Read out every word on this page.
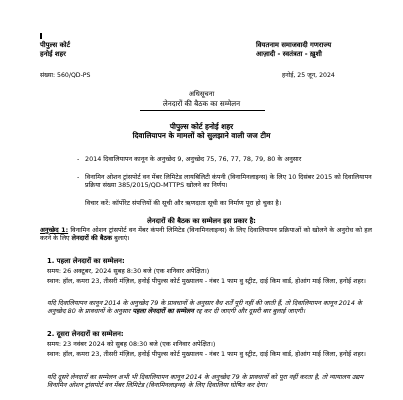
पीपुल्स कोर्ट
हनोई शहर
वियतनाम समाजवादी गणराज्य
आज़ादी - स्वतंत्रता - ख़ुशी
संख्या: 560/QD-PS	हनोई, 25 जून, 2024
अधिसूचना
लेनदारों की बैठक का सम्मेलन
पीपुल्स कोर्ट हनोई शहर
दिवालियापन के मामलों को सुलझाने वाली जज टीम
- 2014 दिवालियापन कानून के अनुच्छेद 9, अनुच्छेद 75, 76, 77, 78, 79, 80 के अनुसार
- विनामिन ओशन ट्रांसपोर्ट वन मेंबर लिमिटेड लायबिलिटी कंपनी (विनामिनलाइन्स) के लिए 10 दिसंबर 2015 को दिवालियापन प्रक्रिया संख्या 385/2015/QD-MTTPS खोलने का निर्णय।
विचार करें: कॉर्पोरेट संपत्तियों की सूची और ऋणदाता सूची का निर्माण पूरा हो चुका है।
लेनदारों की बैठक का सम्मेलन इस प्रकार है:
अनुच्छेद 1: विनामिन ओशन ट्रांसपोर्ट वन मेंबर कंपनी लिमिटेड (विनामिनलाइन्स) के लिए दिवालियापन प्रक्रियाओं को खोलने के अनुरोध को हल करने के लिए लेनदारों की बैठक बुलाएं।
1. पहला लेनदारों का सम्मेलन:
समय: 26 अक्टूबर, 2024 सुबह 8:30 बजे (एक शनिवार अपेक्षित।)
स्थान: हॉल, कमरा 23, तीसरी मंज़िल, हनोई पीपुल्स कोर्ट मुख्यालय - नंबर 1 फाम वु स्ट्रीट, दाई किम वार्ड, होआंग माई जिला, हनोई शहर।
यदि दिवालियापन कानून 2014 के अनुच्छेद 79 के प्रावधानों के अनुसार वैध शर्तें पूरी नहीं की जाती हैं, तो दिवालियापन कानून 2014 के अनुच्छेद 80 के प्रावधानों के अनुसार पहला लेनदारों का सम्मेलन रद्द कर दी जाएगी और दूसरी बार बुलाई जाएगी।
2. दूसरा लेनदारों का सम्मेलन:
समय: 23 नवंबर 2024 को सुबह 08:30 बजे (एक शनिवार अपेक्षित।)
स्थान: हॉल, कमरा 23, तीसरी मंज़िल, हनोई पीपुल्स कोर्ट मुख्यालय - नंबर 1 फाम वु स्ट्रीट, दाई किम वार्ड, होआंग माई जिला, हनोई शहर।
यदि दूसरे लेनदारों का सम्मेलन अभी भी दिवालियापन कानून 2014 के अनुच्छेद 79 के प्रावधानों को पूरा नहीं करता है, तो न्यायालय उद्यम विनामिन ओशन ट्रांसपोर्ट वन मेंबर लिमिटेड (विनामिनलाइन्स) के लिए दिवालिया घोषित कर देगा।
